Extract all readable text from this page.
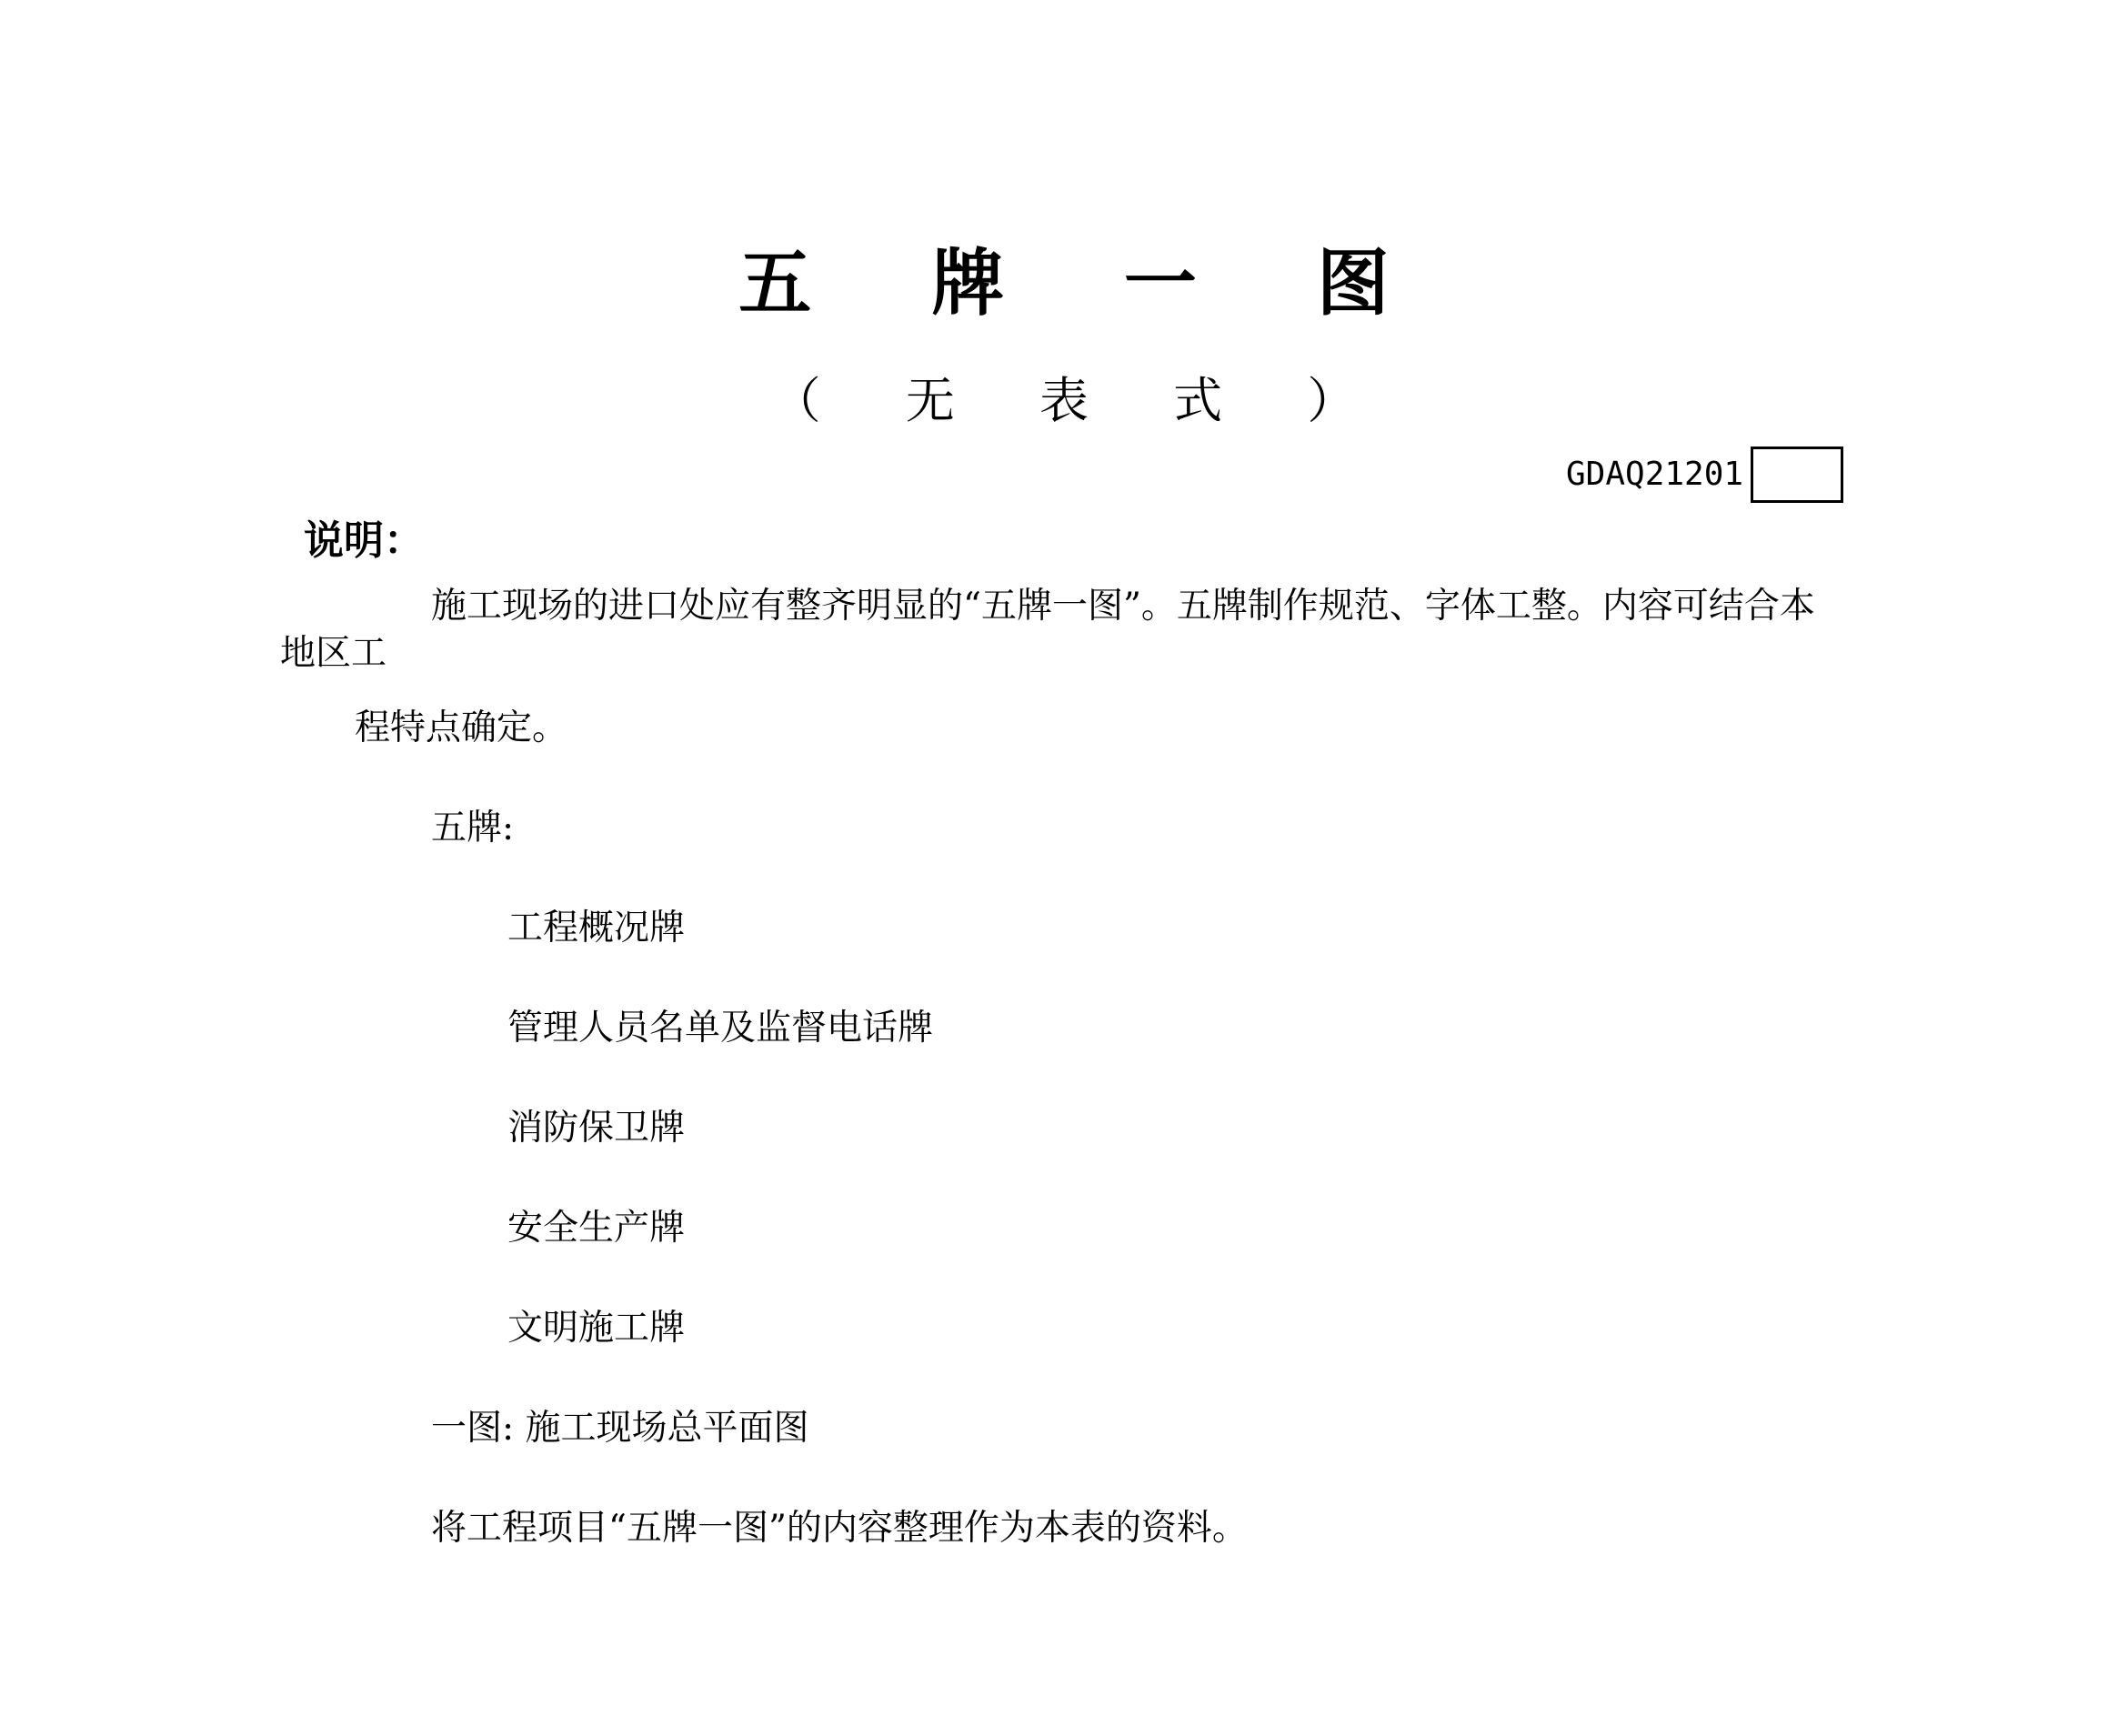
五 牌 一 图
（ 无 表 式 ）
GDAQ21201
说明：
施工现场的进口处应有整齐明显的“五牌一图”。五牌制作规范、字体工整。内容可结合本
地区工
程特点确定。
五牌:
工程概况牌
管理人员名单及监督电话牌
消防保卫牌
安全生产牌
文明施工牌
一图: 施工现场总平面图
将工程项目“五牌一图”的内容整理作为本表的资料。
